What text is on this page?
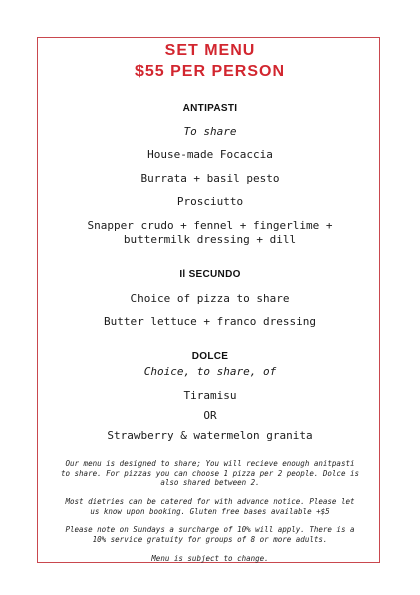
SET MENU
$55 PER PERSON
ANTIPASTI
To share
House-made Focaccia
Burrata + basil pesto
Prosciutto
Snapper crudo + fennel + fingerlime +
buttermilk dressing + dill
Il SECUNDO
Choice of pizza to share
Butter lettuce + franco dressing
DOLCE
Choice, to share, of
Tiramisu
OR
Strawberry & watermelon granita
Our menu is designed to share; You will recieve enough anitpasti to share. For pizzas you can choose 1 pizza per 2 people. Dolce is also shared between 2.
Most dietries can be catered for with advance notice. Please let us know upon booking. Gluten free bases available +$5
Please note on Sundays a surcharge of 10% will apply. There is a 10% service gratuity for groups of 8 or more adults.
Menu is subject to change.
